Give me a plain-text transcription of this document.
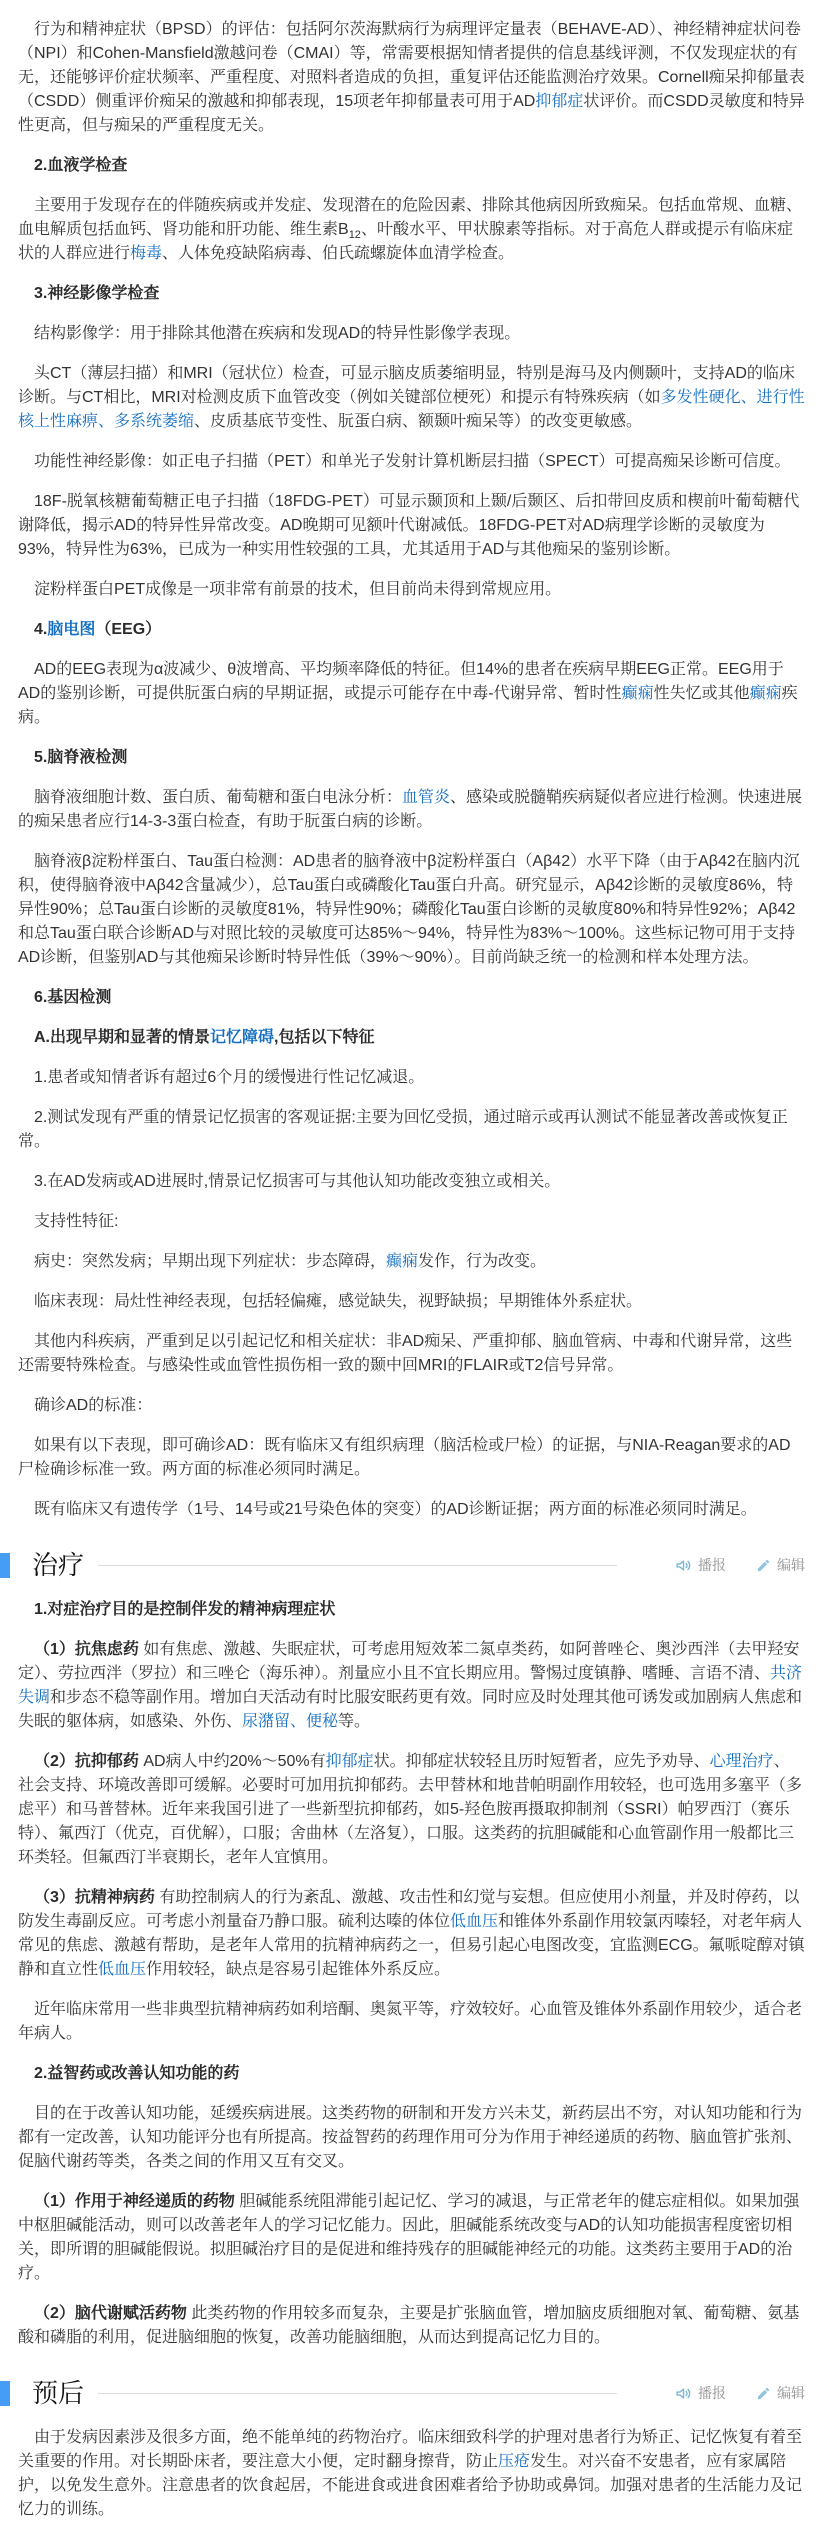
行为和精神症状（BPSD）的评估：包括阿尔茨海默病行为病理评定量表（BEHAVE-AD）、神经精神症状问卷（NPI）和Cohen-Mansfield激越问卷（CMAI）等，常需要根据知情者提供的信息基线评测，不仅发现症状的有无，还能够评价症状频率、严重程度、对照料者造成的负担，重复评估还能监测治疗效果。Cornell痴呆抑郁量表（CSDD）侧重评价痴呆的激越和抑郁表现，15项老年抑郁量表可用于AD抑郁症状评价。而CSDD灵敏度和特异性更高，但与痴呆的严重程度无关。

2.血液学检查

主要用于发现存在的伴随疾病或并发症、发现潜在的危险因素、排除其他病因所致痴呆。包括血常规、血糖、血电解质包括血钙、肾功能和肝功能、维生素$B_{12}$、叶酸水平、甲状腺素等指标。对于高危人群或提示有临床症状的人群应进行梅毒、人体免疫缺陷病毒、伯氏疏螺旋体血清学检查。

3.神经影像学检查

结构影像学：用于排除其他潜在疾病和发现AD的特异性影像学表现。

头CT（薄层扫描）和MRI（冠状位）检查，可显示脑皮质萎缩明显，特别是海马及内侧颞叶，支持AD的临床诊断。与CT相比，MRI对检测皮质下血管改变（例如关键部位梗死）和提示有特殊疾病（如多发性硬化、进行性核上性麻痹、多系统萎缩、皮质基底节变性、朊蛋白病、额颞叶痴呆等）的改变更敏感。

功能性神经影像：如正电子扫描（PET）和单光子发射计算机断层扫描（SPECT）可提高痴呆诊断可信度。

18F-脱氧核糖葡萄糖正电子扫描（18FDG-PET）可显示颞顶和上颞/后颞区、后扣带回皮质和楔前叶葡萄糖代谢降低，揭示AD的特异性异常改变。AD晚期可见额叶代谢减低。18FDG-PET对AD病理学诊断的灵敏度为93%，特异性为63%，已成为一种实用性较强的工具，尤其适用于AD与其他痴呆的鉴别诊断。

淀粉样蛋白PET成像是一项非常有前景的技术，但目前尚未得到常规应用。

4.脑电图（EEG）

AD的EEG表现为α波减少、θ波增高、平均频率降低的特征。但14%的患者在疾病早期EEG正常。EEG用于AD的鉴别诊断，可提供朊蛋白病的早期证据，或提示可能存在中毒-代谢异常、暂时性癫痫性失忆或其他癫痫疾病。

5.脑脊液检测

脑脊液细胞计数、蛋白质、葡萄糖和蛋白电泳分析：血管炎、感染或脱髓鞘疾病疑似者应进行检测。快速进展的痴呆患者应行14-3-3蛋白检查，有助于朊蛋白病的诊断。

脑脊液β淀粉样蛋白、Tau蛋白检测：AD患者的脑脊液中β淀粉样蛋白（Aβ42）水平下降（由于Aβ42在脑内沉积，使得脑脊液中Aβ42含量减少），总Tau蛋白或磷酸化Tau蛋白升高。研究显示，Aβ42诊断的灵敏度86%，特异性90%；总Tau蛋白诊断的灵敏度81%，特异性90%；磷酸化Tau蛋白诊断的灵敏度80%和特异性92%；Aβ42和总Tau蛋白联合诊断AD与对照比较的灵敏度可达85%～94%，特异性为83%～100%。这些标记物可用于支持AD诊断，但鉴别AD与其他痴呆诊断时特异性低（39%～90%）。目前尚缺乏统一的检测和样本处理方法。

6.基因检测
A.出现早期和显著的情景记忆障碍,包括以下特征

1.患者或知情者诉有超过6个月的缓慢进行性记忆减退。

2.测试发现有严重的情景记忆损害的客观证据:主要为回忆受损，通过暗示或再认测试不能显著改善或恢复正常。

3.在AD发病或AD进展时,情景记忆损害可与其他认知功能改变独立或相关。

支持性特征:

病史：突然发病；早期出现下列症状：步态障碍，癫痫发作，行为改变。

临床表现：局灶性神经表现，包括轻偏瘫，感觉缺失，视野缺损；早期锥体外系症状。

其他内科疾病，严重到足以引起记忆和相关症状：非AD痴呆、严重抑郁、脑血管病、中毒和代谢异常，这些还需要特殊检查。与感染性或血管性损伤相一致的颞中回MRI的FLAIR或T2信号异常。

确诊AD的标准：

如果有以下表现，即可确诊AD：既有临床又有组织病理（脑活检或尸检）的证据，与NIA-Reagan要求的AD尸检确诊标准一致。两方面的标准必须同时满足。

既有临床又有遗传学（1号、14号或21号染色体的突变）的AD诊断证据；两方面的标准必须同时满足。

治疗	播报	编辑
1.对症治疗目的是控制伴发的精神病理症状

（1）抗焦虑药 如有焦虑、激越、失眠症状，可考虑用短效苯二氮卓类药，如阿普唑仑、奥沙西泮（去甲羟安定）、劳拉西泮（罗拉）和三唑仑（海乐神）。剂量应小且不宜长期应用。警惕过度镇静、嗜睡、言语不清、共济失调和步态不稳等副作用。增加白天活动有时比服安眠药更有效。同时应及时处理其他可诱发或加剧病人焦虑和失眠的躯体病，如感染、外伤、尿潴留、便秘等。

（2）抗抑郁药 AD病人中约20%～50%有抑郁症状。抑郁症状较轻且历时短暂者，应先予劝导、心理治疗、社会支持、环境改善即可缓解。必要时可加用抗抑郁药。去甲替林和地昔帕明副作用较轻，也可选用多塞平（多虑平）和马普替林。近年来我国引进了一些新型抗抑郁药，如5-羟色胺再摄取抑制剂（SSRI）帕罗西汀（赛乐特）、氟西汀（优克，百优解），口服；舍曲林（左洛复），口服。这类药的抗胆碱能和心血管副作用一般都比三环类轻。但氟西汀半衰期长，老年人宜慎用。

（3）抗精神病药 有助控制病人的行为紊乱、激越、攻击性和幻觉与妄想。但应使用小剂量，并及时停药，以防发生毒副反应。可考虑小剂量奋乃静口服。硫利达嗪的体位低血压和锥体外系副作用较氯丙嗪轻，对老年病人常见的焦虑、激越有帮助，是老年人常用的抗精神病药之一，但易引起心电图改变，宜监测ECG。氟哌啶醇对镇静和直立性低血压作用较轻，缺点是容易引起锥体外系反应。

近年临床常用一些非典型抗精神病药如利培酮、奥氮平等，疗效较好。心血管及锥体外系副作用较少，适合老年病人。

2.益智药或改善认知功能的药

目的在于改善认知功能，延缓疾病进展。这类药物的研制和开发方兴未艾，新药层出不穷，对认知功能和行为都有一定改善，认知功能评分也有所提高。按益智药的药理作用可分为作用于神经递质的药物、脑血管扩张剂、促脑代谢药等类，各类之间的作用又互有交叉。

（1）作用于神经递质的药物 胆碱能系统阻滞能引起记忆、学习的减退，与正常老年的健忘症相似。如果加强中枢胆碱能活动，则可以改善老年人的学习记忆能力。因此，胆碱能系统改变与AD的认知功能损害程度密切相关，即所谓的胆碱能假说。拟胆碱治疗目的是促进和维持残存的胆碱能神经元的功能。这类药主要用于AD的治疗。

（2）脑代谢赋活药物 此类药物的作用较多而复杂，主要是扩张脑血管，增加脑皮质细胞对氧、葡萄糖、氨基酸和磷脂的利用，促进脑细胞的恢复，改善功能脑细胞，从而达到提高记忆力目的。

预后	播报	编辑

由于发病因素涉及很多方面，绝不能单纯的药物治疗。临床细致科学的护理对患者行为矫正、记忆恢复有着至关重要的作用。对长期卧床者，要注意大小便，定时翻身擦背，防止压疮发生。对兴奋不安患者，应有家属陪护，以免发生意外。注意患者的饮食起居，不能进食或进食困难者给予协助或鼻饲。加强对患者的生活能力及记忆力的训练。
